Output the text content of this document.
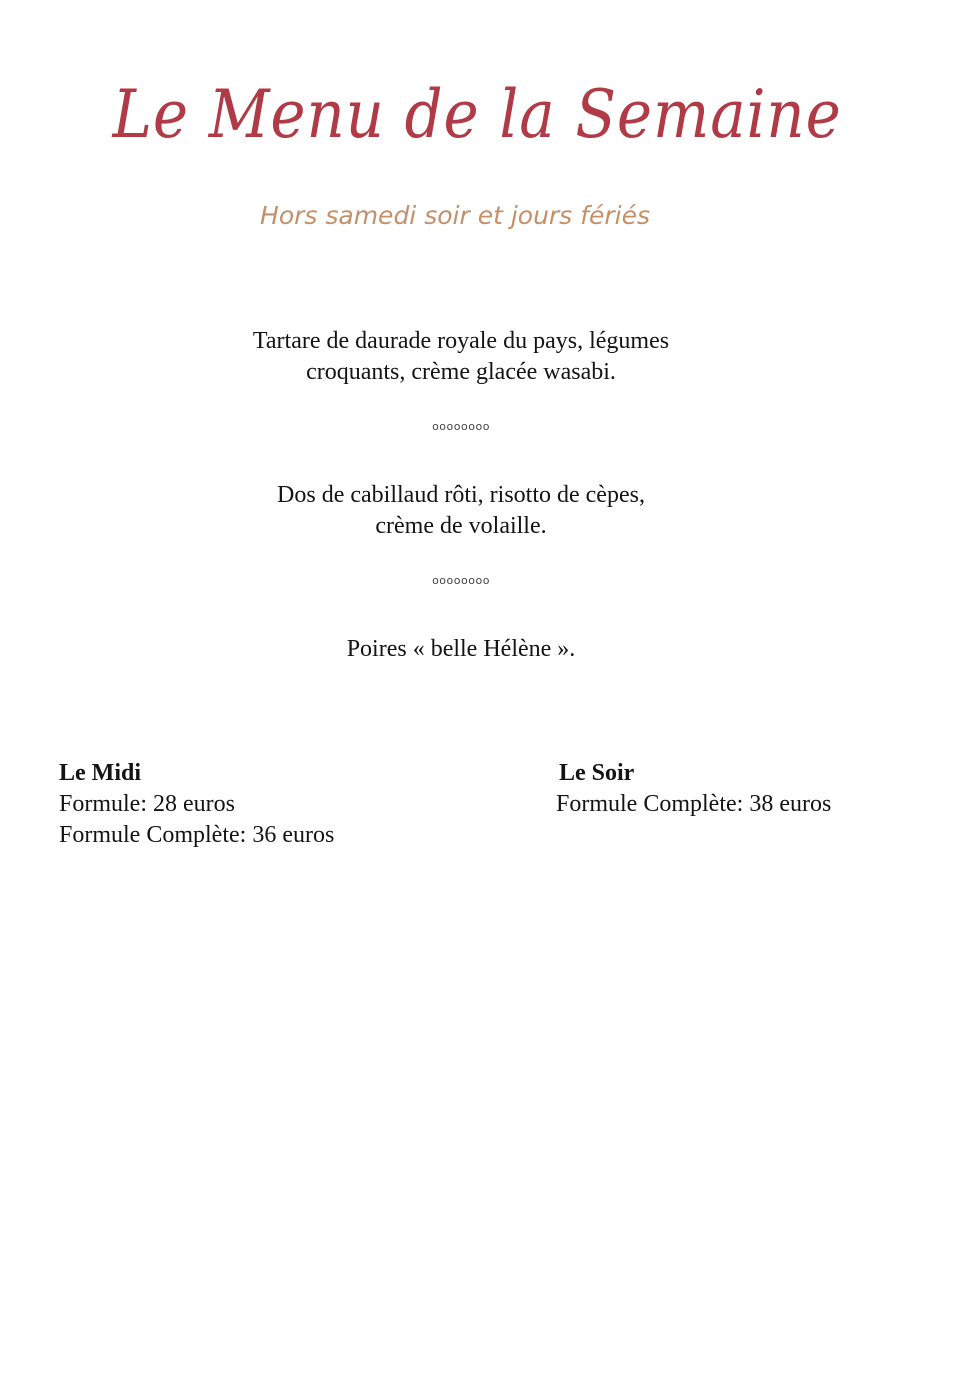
Le Menu de la Semaine
Hors samedi soir et jours fériés
Tartare de daurade royale du pays, légumes
croquants, crème glacée wasabi.
oooooooo
Dos de cabillaud rôti, risotto de cèpes,
crème de volaille.
oooooooo
Poires « belle Hélène ».
Le Midi
Formule: 28 euros
Formule Complète: 36 euros
Le Soir
Formule Complète: 38 euros
